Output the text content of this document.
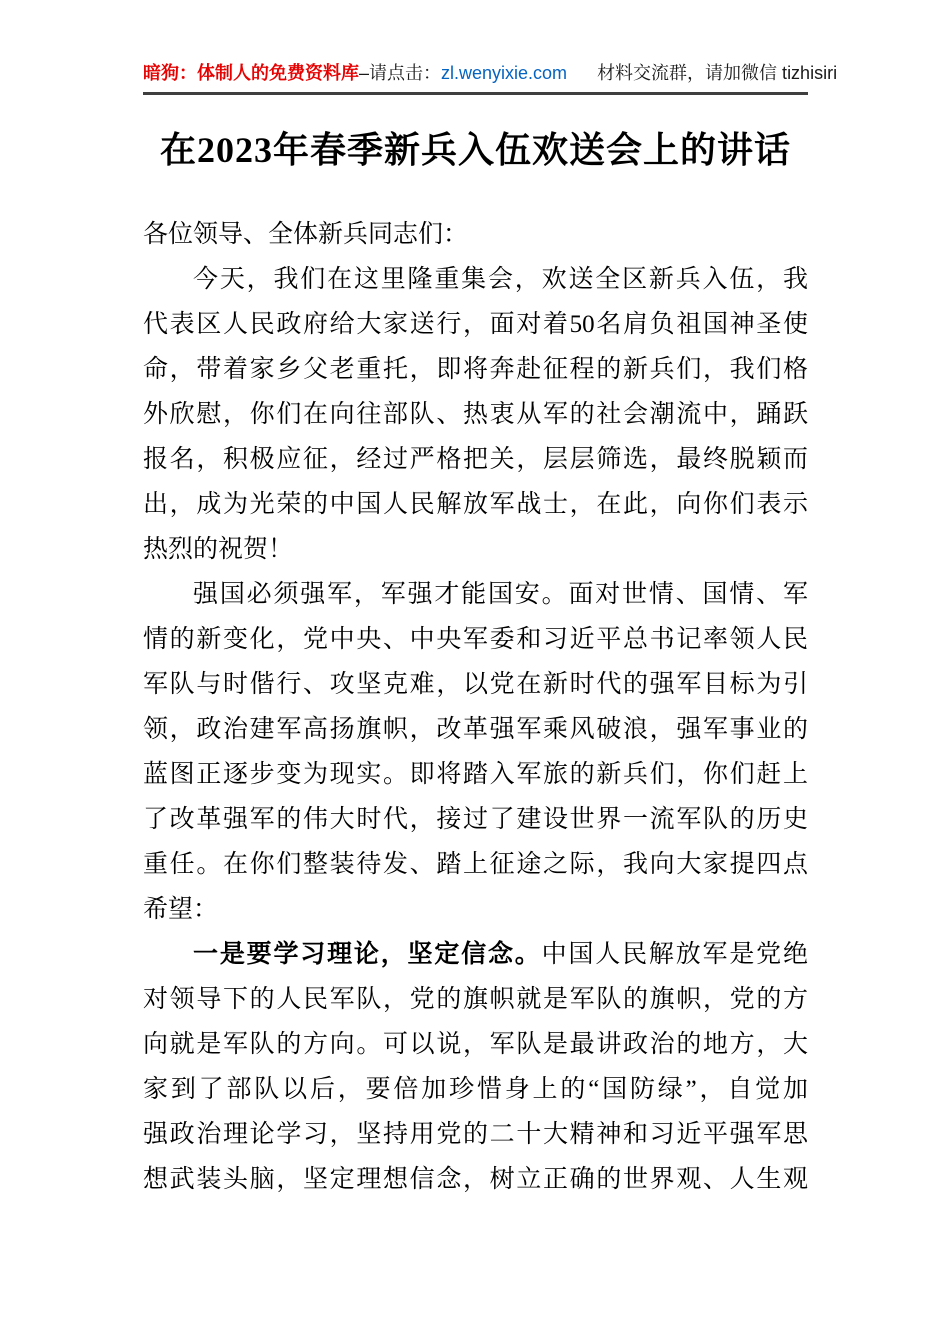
暗狗：体制人的免费资料库–请点击：zl.wenyixie.com 材料交流群，请加微信 tizhisiri
在2023年春季新兵入伍欢送会上的讲话
各位领导、全体新兵同志们：
今天，我们在这里隆重集会，欢送全区新兵入伍，我
代表区人民政府给大家送行，面对着50名肩负祖国神圣使
命，带着家乡父老重托，即将奔赴征程的新兵们，我们格
外欣慰，你们在向往部队、热衷从军的社会潮流中，踊跃
报名，积极应征，经过严格把关，层层筛选，最终脱颖而
出，成为光荣的中国人民解放军战士，在此，向你们表示
热烈的祝贺！
强国必须强军，军强才能国安。面对世情、国情、军
情的新变化，党中央、中央军委和习近平总书记率领人民
军队与时偕行、攻坚克难，以党在新时代的强军目标为引
领，政治建军高扬旗帜，改革强军乘风破浪，强军事业的
蓝图正逐步变为现实。即将踏入军旅的新兵们，你们赶上
了改革强军的伟大时代，接过了建设世界一流军队的历史
重任。在你们整装待发、踏上征途之际，我向大家提四点
希望：
一是要学习理论，坚定信念。中国人民解放军是党绝
对领导下的人民军队，党的旗帜就是军队的旗帜，党的方
向就是军队的方向。可以说，军队是最讲政治的地方，大
家到了部队以后，要倍加珍惜身上的“国防绿”，自觉加
强政治理论学习，坚持用党的二十大精神和习近平强军思
想武装头脑，坚定理想信念，树立正确的世界观、人生观
